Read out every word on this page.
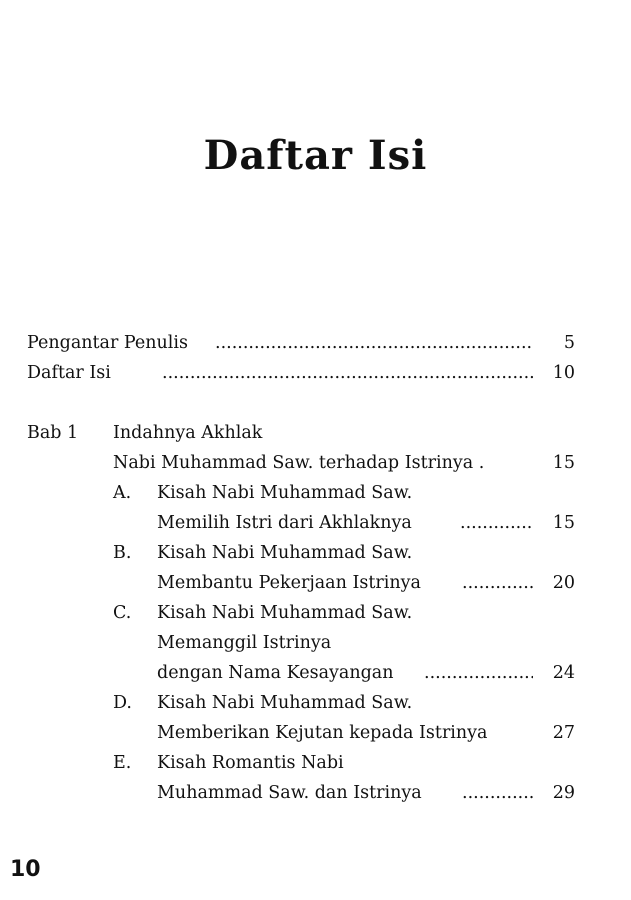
Daftar Isi
Pengantar Penulis .....	5
Daftar Isi .....	10
Bab 1 Indahnya Akhlak
Nabi Muhammad Saw. terhadap Istrinya .	15
A. Kisah Nabi Muhammad Saw.
Memilih Istri dari Akhlaknya .....	15
B. Kisah Nabi Muhammad Saw.
Membantu Pekerjaan Istrinya .....	20
C. Kisah Nabi Muhammad Saw.
Memanggil Istrinya
dengan Nama Kesayangan .....	24
D. Kisah Nabi Muhammad Saw.
Memberikan Kejutan kepada Istrinya	27
E. Kisah Romantis Nabi
Muhammad Saw. dan Istrinya .....	29
10
